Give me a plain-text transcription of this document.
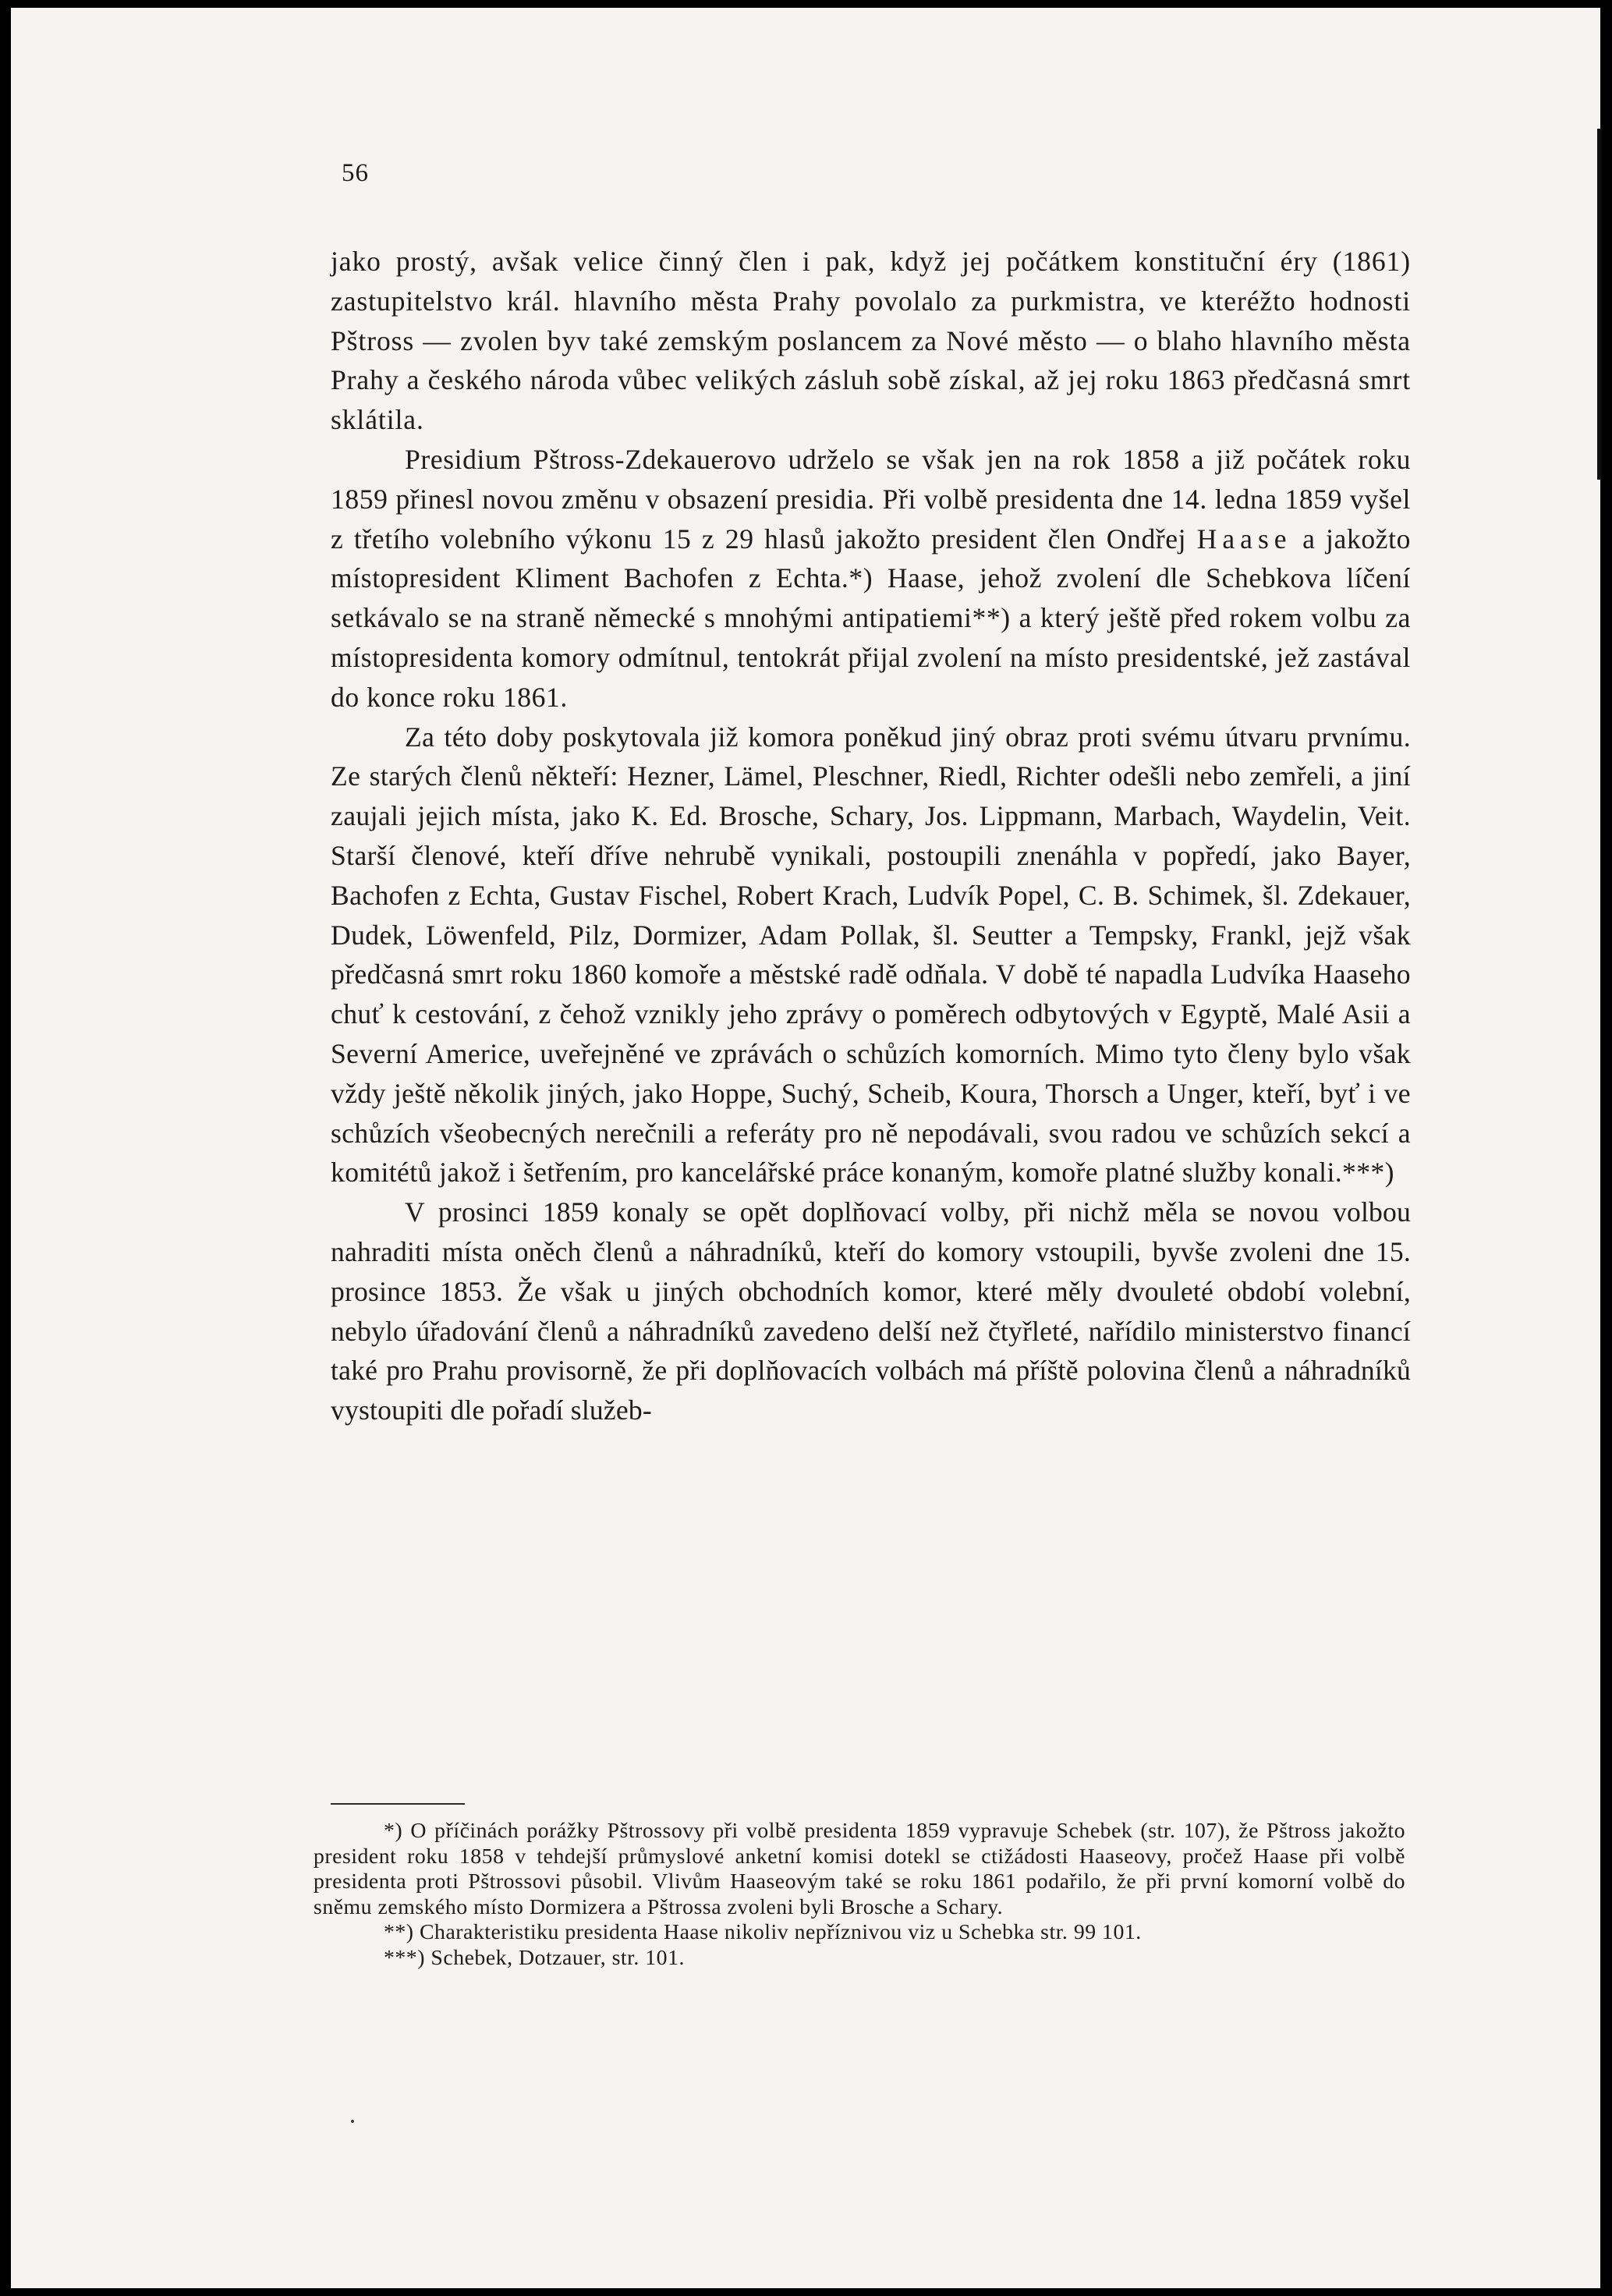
56

jako prostý, avšak velice činný člen i pak, když jej počátkem konstituční éry (1861) zastupitelstvo král. hlavního města Prahy povolalo za purkmistra, ve kteréžto hodnosti Pštross — zvolen byv také zemským poslancem za Nové město — o blaho hlavního města Prahy a českého národa vůbec velikých zásluh sobě získal, až jej roku 1863 předčasná smrt sklátila.

Presidium Pštross-Zdekauerovo udrželo se však jen na rok 1858 a již počátek roku 1859 přinesl novou změnu v obsazení presidia. Při volbě presidenta dne 14. ledna 1859 vyšel z třetího volebního výkonu 15 z 29 hlasů jakožto president člen Ondřej Haase a jakožto místopresident Kliment Bachofen z Echta.*) Haase, jehož zvolení dle Schebkova líčení setkávalo se na straně německé s mnohými antipatiemi**) a který ještě před rokem volbu za místopresidenta komory odmítnul, tentokrát přijal zvolení na místo presidentské, jež zastával do konce roku 1861.

Za této doby poskytovala již komora poněkud jiný obraz proti svému útvaru prvnímu. Ze starých členů někteří: Hezner, Lämel, Pleschner, Riedl, Richter odešli nebo zemřeli, a jiní zaujali jejich místa, jako K. Ed. Brosche, Schary, Jos. Lippmann, Marbach, Waydelin, Veit. Starší členové, kteří dříve nehrubě vynikali, postoupili znenáhla v popředí, jako Bayer, Bachofen z Echta, Gustav Fischel, Robert Krach, Ludvík Popel, C. B. Schimek, šl. Zdekauer, Dudek, Löwenfeld, Pilz, Dormizer, Adam Pollak, šl. Seutter a Tempsky, Frankl, jejž však předčasná smrt roku 1860 komoře a městské radě odňala. V době té napadla Ludvíka Haaseho chuť k cestování, z čehož vznikly jeho zprávy o poměrech odbytových v Egyptě, Malé Asii a Severní Americe, uveřejněné ve zprávách o schůzích komorních. Mimo tyto členy bylo však vždy ještě několik jiných, jako Hoppe, Suchý, Scheib, Koura, Thorsch a Unger, kteří, byť i ve schůzích všeobecných nerečnili a referáty pro ně nepodávali, svou radou ve schůzích sekcí a komitétů jakož i šetřením, pro kancelářské práce konaným, komoře platné služby konali.***)

V prosinci 1859 konaly se opět doplňovací volby, při nichž měla se novou volbou nahraditi místa oněch členů a náhradníků, kteří do komory vstoupili, byvše zvoleni dne 15. prosince 1853. Že však u jiných obchodních komor, které měly dvouleté období volební, nebylo úřadování členů a náhradníků zavedeno delší než čtyřleté, nařídilo ministerstvo financí také pro Prahu provisorně, že při doplňovacích volbách má příště polovina členů a náhradníků vystoupiti dle pořadí služeb-

*) O příčinách porážky Pštrossovy při volbě presidenta 1859 vypravuje Schebek (str. 107), že Pštross jakožto president roku 1858 v tehdejší průmyslové anketní komisi dotekl se ctižádosti Haaseovy, pročež Haase při volbě presidenta proti Pštrossovi působil. Vlivům Haaseovým také se roku 1861 podařilo, že při první komorní volbě do sněmu zemského místo Dormizera a Pštrossa zvoleni byli Brosche a Schary.

**) Charakteristiku presidenta Haase nikoliv nepříznivou viz u Schebka str. 99 101.

***) Schebek, Dotzauer, str. 101.
